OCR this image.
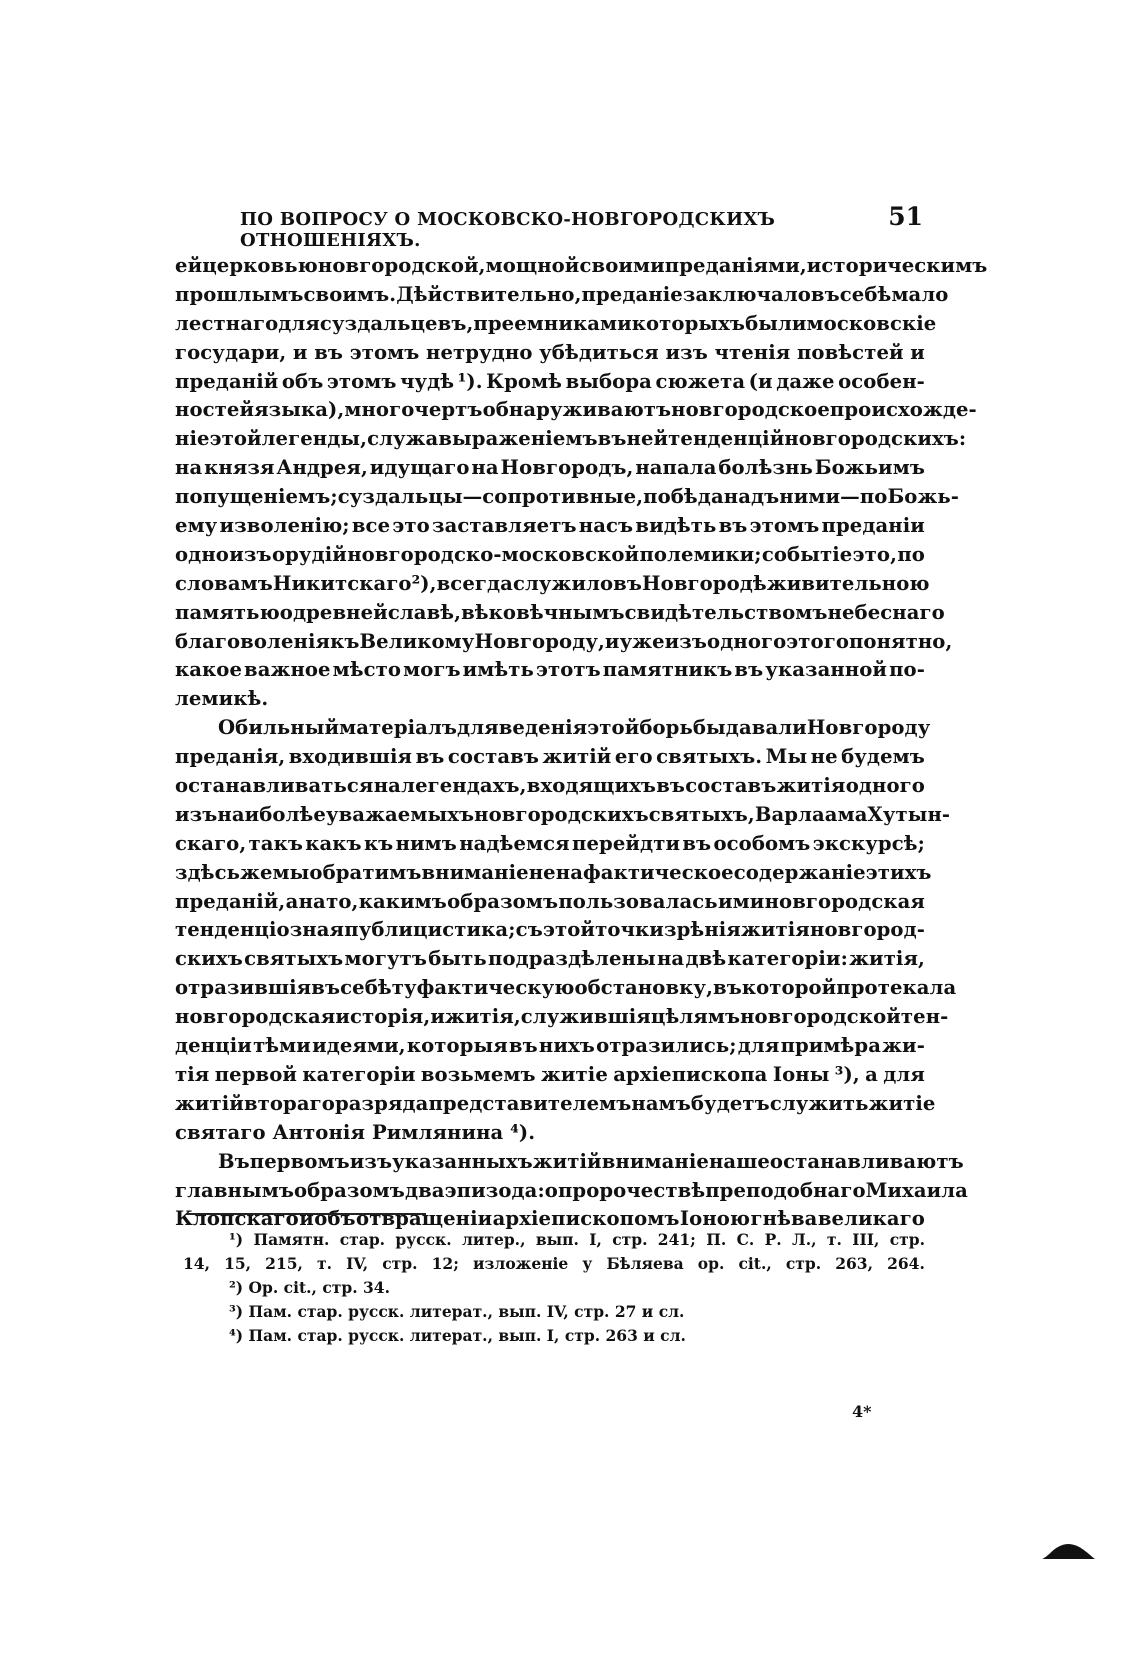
ПО ВОПРОСУ О МОСКОВСКО-НОВГОРОДСКИХЪ ОТНОШЕНІЯХЪ.
51
ей церковью новгородской, мощной своими преданіями, историческимъ
прошлымъ своимъ. Дѣйствительно, преданіе заключало въ себѣ мало
лестнаго для суздальцевъ, преемниками которыхъ были московскіе
государи, и въ этомъ нетрудно убѣдиться изъ чтенія повѣстей и
преданій объ этомъ чудѣ ¹). Кромѣ выбора сюжета (и даже особен-
ностей языка), много чертъ обнаруживаютъ новгородское происхожде-
ніе этой легенды, служа выраженіемъ въ ней тенденцій новгородскихъ:
на князя Андрея, идущаго на Новгородъ, напала болѣзнь Божьимъ
попущеніемъ; суздальцы—сопротивные, побѣда надъ ними—по Божь-
ему изволенію; все это заставляетъ насъ видѣть въ этомъ преданіи
одно изъ орудій новгородско-московской полемики; событіе это, по
словамъ Никитскаго ²), всегда служило въ Новгородѣ живительною
памятью о древней славѣ, вѣковѣчнымъ свидѣтельствомъ небеснаго
благоволенія къ Великому Новгороду, и уже изъ одного этого понятно,
какое важное мѣсто могъ имѣть этотъ памятникъ въ указанной по-
лемикѣ.
Обильный матеріалъ для веденія этой борьбы давали Новгороду
преданія, входившія въ составъ житій его святыхъ. Мы не будемъ
останавливаться на легендахъ, входящихъ въ составъ житія одного
изъ наиболѣе уважаемыхъ новгородскихъ святыхъ, Варлаама Хутын-
скаго, такъ какъ къ нимъ надѣемся перейдти въ особомъ экскурсѣ;
здѣсь же мы обратимъ вниманіе не на фактическое содержаніе этихъ
преданій, а на то, какимъ образомъ пользовалась ими новгородская
тенденціозная публицистика; съ этой точки зрѣнія житія новгород-
скихъ святыхъ могутъ быть подраздѣлены на двѣ категоріи: житія,
отразившія въ себѣ ту фактическую обстановку, въ которой протекала
новгородская исторія, и житія, служившія цѣлямъ новгородской тен-
денціи тѣми идеями, которыя въ нихъ отразились; для примѣра жи-
тія первой категоріи возьмемъ житіе архіепископа Іоны ³), а для
житій втораго разряда представителемъ намъ будетъ служить житіе
святаго Антонія Римлянина ⁴).
Въ первомъ изъ указанныхъ житій вниманіе наше останавливаютъ
главнымъ образомъ два эпизода: о пророчествѣ преподобнаго Михаила
Клопскаго и объ отвращеніи архіепископомъ Іоною гнѣва великаго
¹) Памятн. стар. русск. литер., вып. I, стр. 241; П. С. Р. Л., т. III, стр.
14, 15, 215, т. IV, стр. 12; изложеніе у Бѣляева op. cit., стр. 263, 264.
²) Op. cit., стр. 34.
³) Пам. стар. русск. литерат., вып. IV, стр. 27 и сл.
⁴) Пам. стар. русск. литерат., вып. I, стр. 263 и сл.
4*
